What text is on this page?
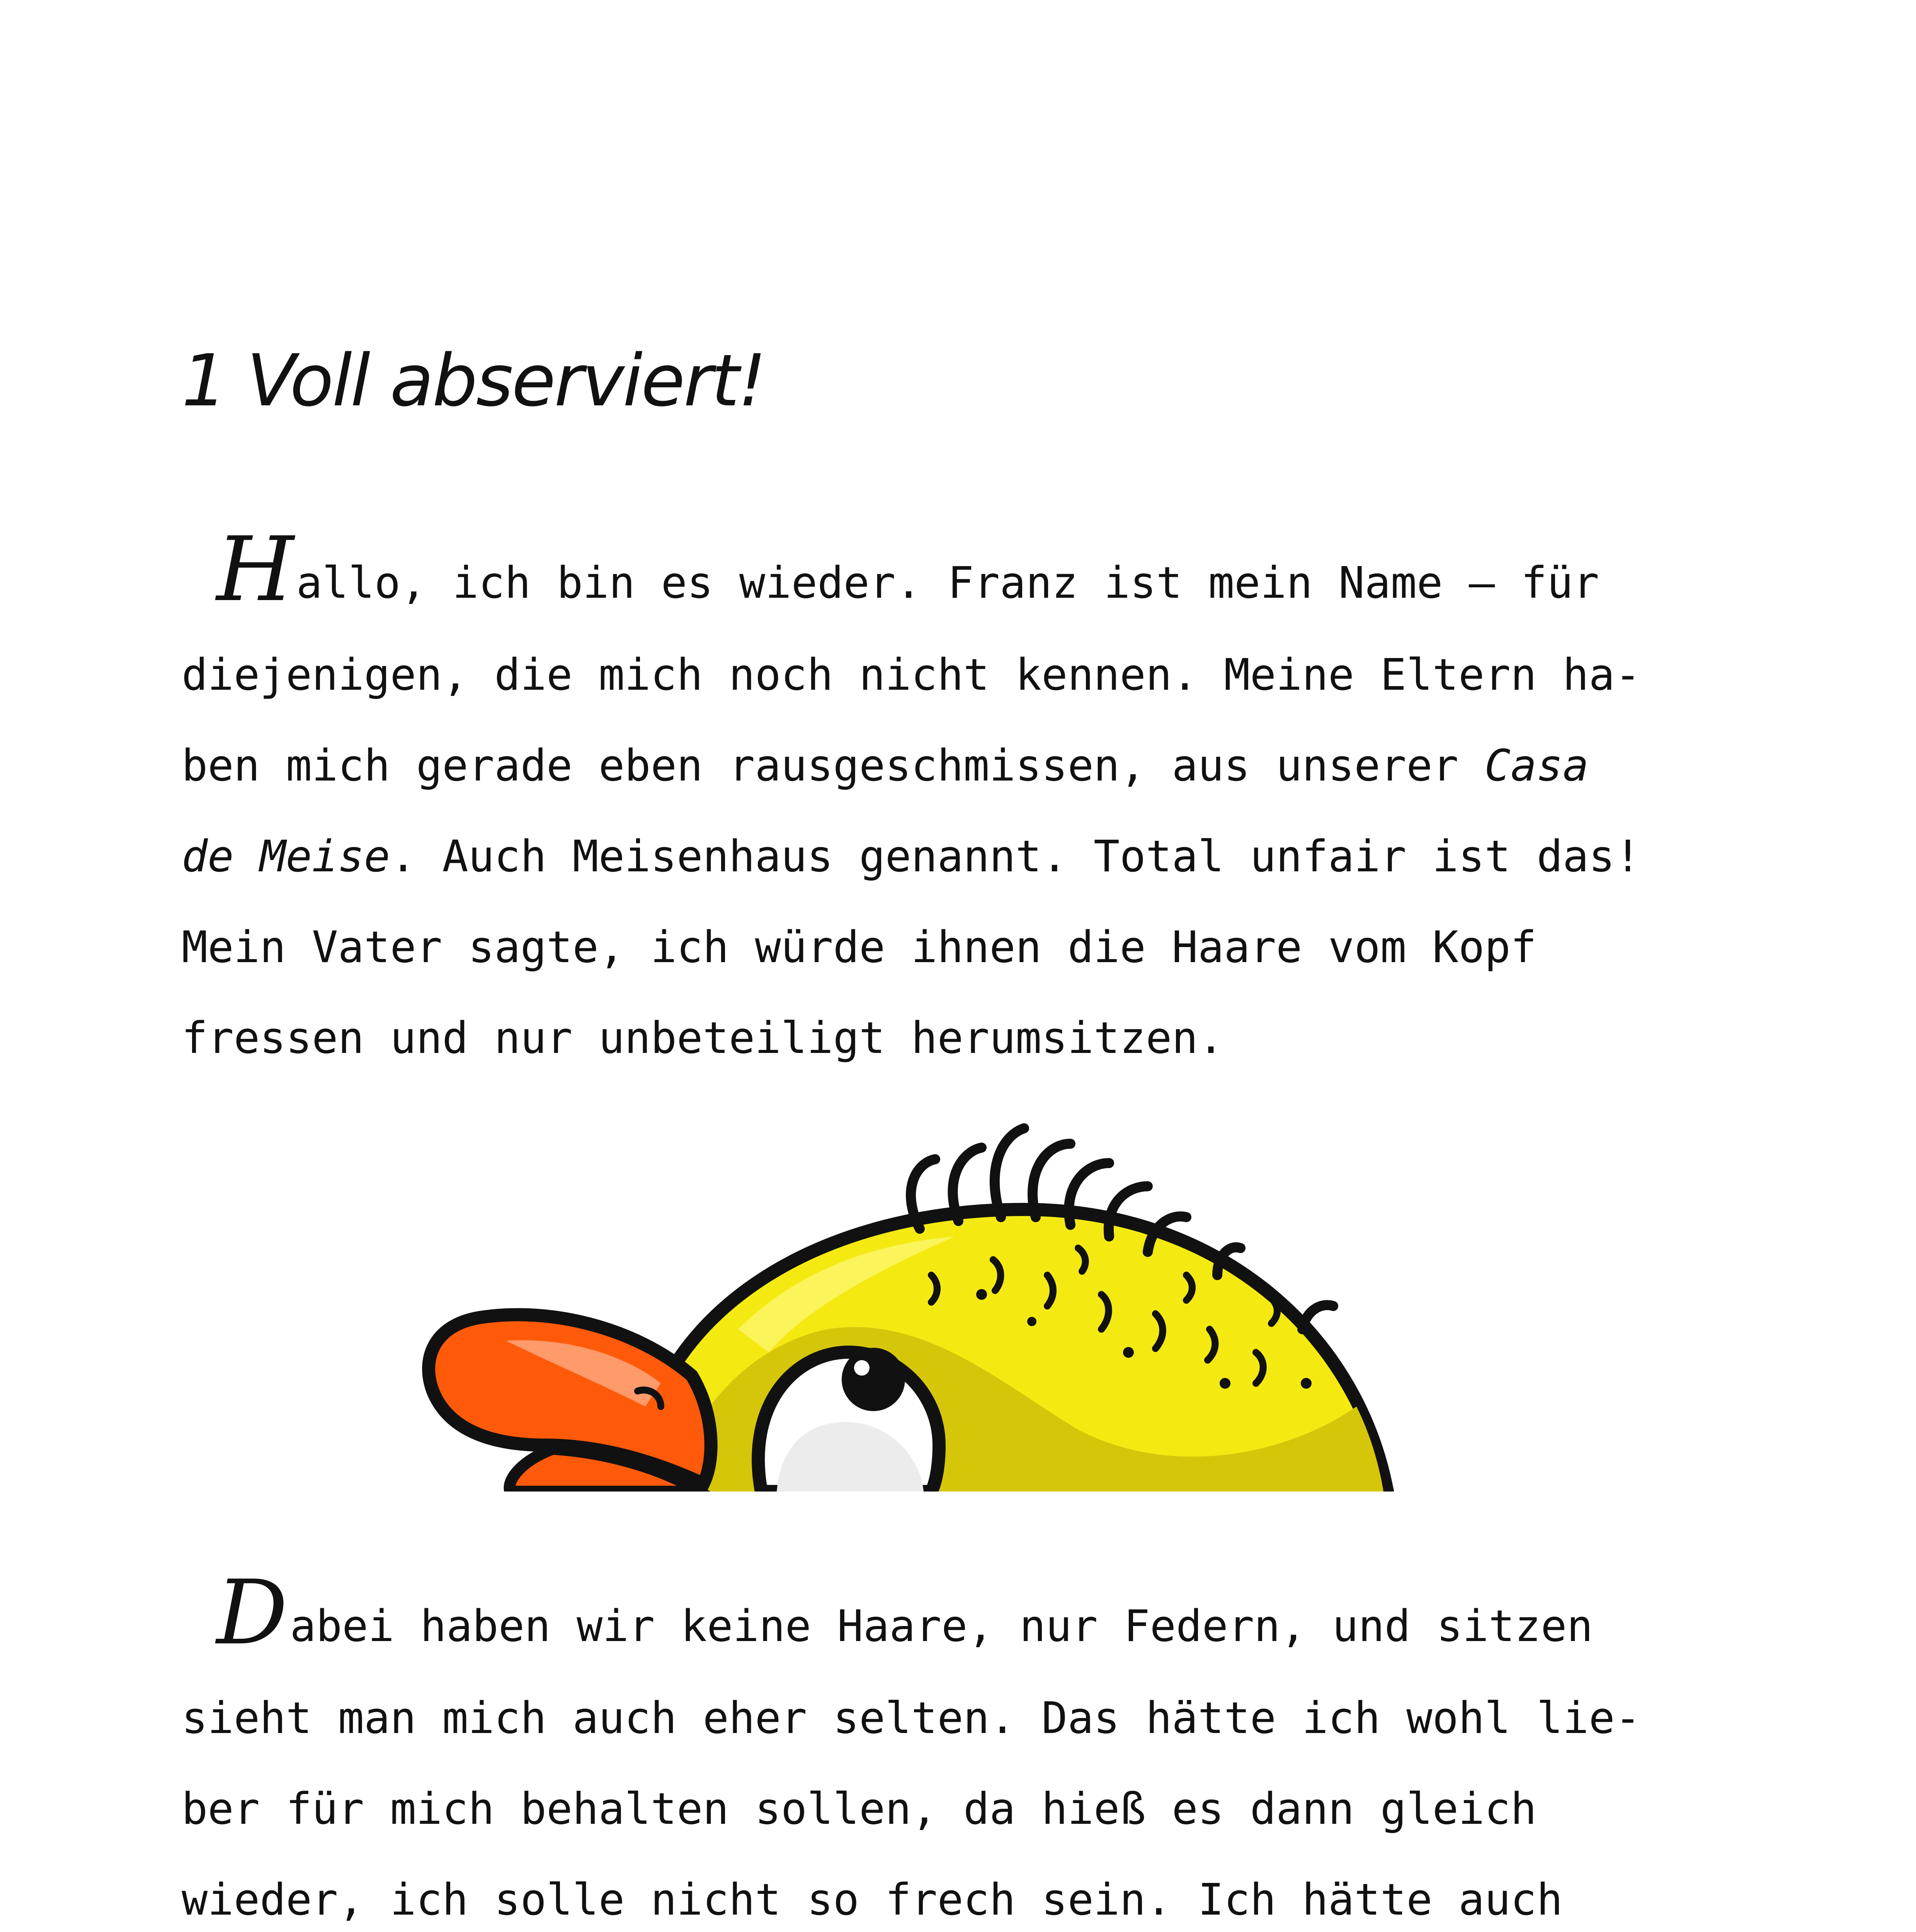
1 Voll abserviert!
Hallo, ich bin es wieder. Franz ist mein Name – für
diejenigen, die mich noch nicht kennen. Meine Eltern ha-
ben mich gerade eben rausgeschmissen, aus unserer Casa
de Meise. Auch Meisenhaus genannt. Total unfair ist das!
Mein Vater sagte, ich würde ihnen die Haare vom Kopf
fressen und nur unbeteiligt herumsitzen.
Dabei haben wir keine Haare, nur Federn, und sitzen
sieht man mich auch eher selten. Das hätte ich wohl lie-
ber für mich behalten sollen, da hieß es dann gleich
wieder, ich solle nicht so frech sein. Ich hätte auch
